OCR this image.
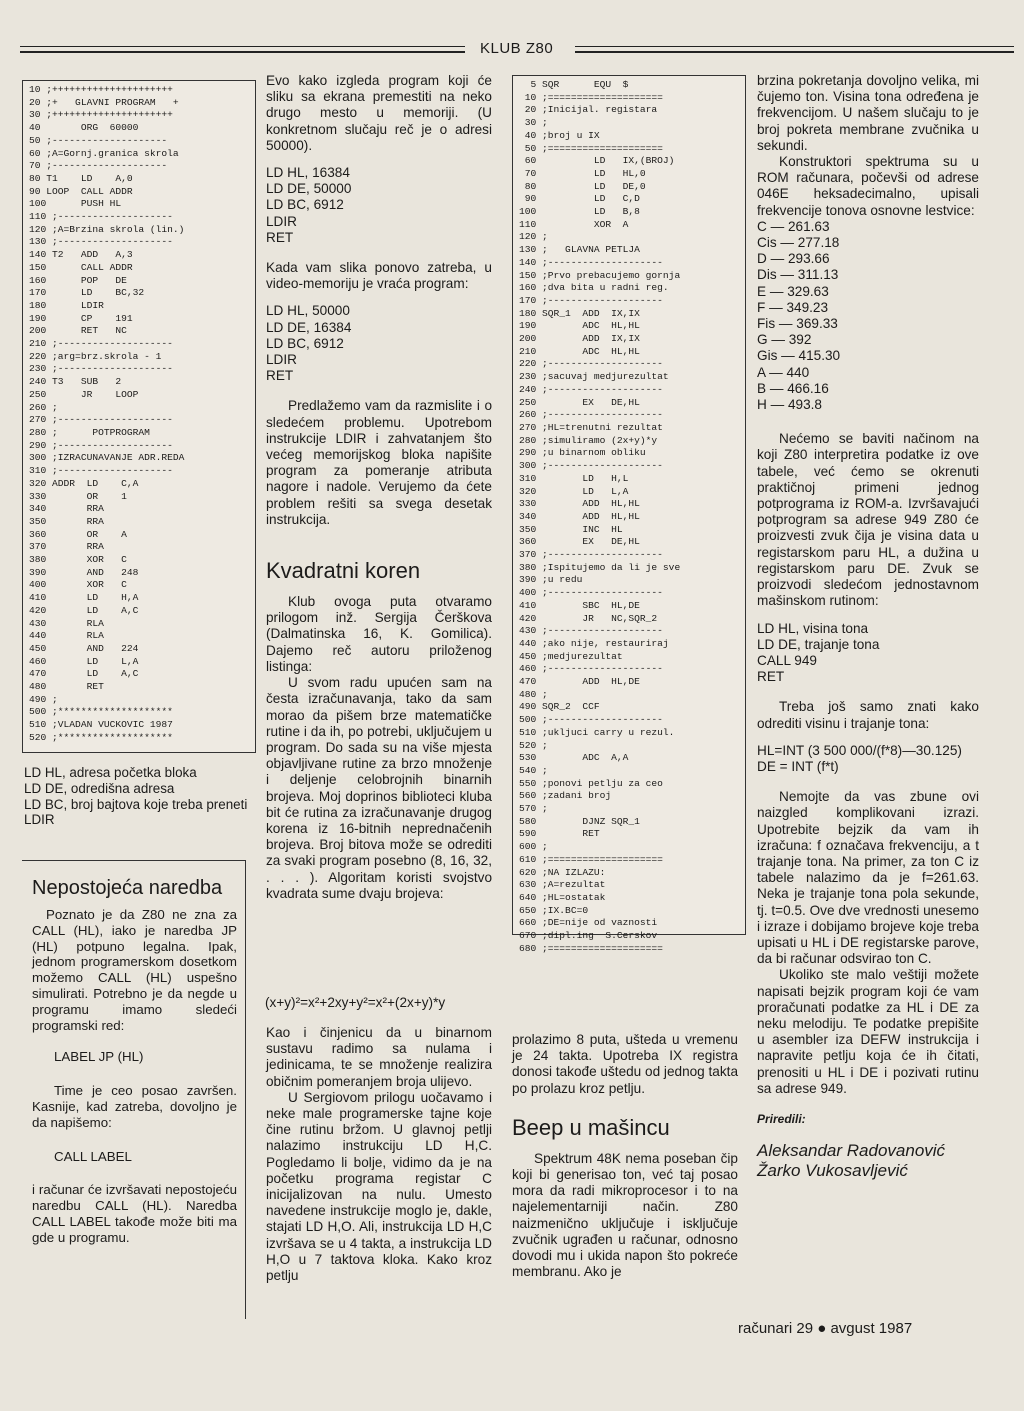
KLUB Z80
10 ;+++++++++++++++++++++
20 ;+   GLAVNI PROGRAM   +
30 ;+++++++++++++++++++++
40       ORG  60000
50 ;--------------------
60 ;A=Gornj.granica skrola
70 ;--------------------
80 T1    LD    A,0
90 LOOP  CALL ADDR
100      PUSH HL
110 ;--------------------
120 ;A=Brzina skrola (lin.)
130 ;--------------------
140 T2   ADD   A,3
150      CALL ADDR
160      POP   DE
170      LD    BC,32
180      LDIR
190      CP    191
200      RET   NC
210 ;--------------------
220 ;arg=brz.skrola - 1
230 ;--------------------
240 T3   SUB   2
250      JR    LOOP
260 ;
270 ;--------------------
280 ;      POTPROGRAM
290 ;--------------------
300 ;IZRACUNAVANJE ADR.REDA
310 ;--------------------
320 ADDR  LD    C,A
330       OR    1
340       RRA
350       RRA
360       OR    A
370       RRA
380       XOR   C
390       AND   248
400       XOR   C
410       LD    H,A
420       LD    A,C
430       RLA
440       RLA
450       AND   224
460       LD    L,A
470       LD    A,C
480       RET
490 ;
500 ;********************
510 ;VLADAN VUCKOVIC 1987
520 ;********************
LD HL, adresa početka bloka
LD DE, odredišna adresa
LD BC, broj bajtova koje treba preneti
LDIR
Nepostojeća naredba

Poznato je da Z80 ne zna za CALL (HL), iako je naredba JP (HL) potpuno legalna. Ipak, jednom programerskom dosetkom možemo CALL (HL) uspešno simulirati. Potrebno je da negde u programu imamo sledeći programski red:

LABEL JP (HL)

Time je ceo posao završen. Kasnije, kad zatreba, dovoljno je da napišemo:

CALL LABEL

i računar će izvršavati nepostojeću naredbu CALL (HL). Naredba CALL LABEL takođe može biti ma gde u programu.

Evo kako izgleda program koji će sliku sa ekrana premestiti na neko drugo mesto u memoriji. (U konkretnom slučaju reč je o adresi 50000).

LD HL, 16384
LD DE, 50000
LD BC, 6912
LDIR
RET

Kada vam slika ponovo zatreba, u video-memoriju je vraća program:

LD HL, 50000
LD DE, 16384
LD BC, 6912
LDIR
RET

Predlažemo vam da razmislite i o sledećem problemu. Upotrebom instrukcije LDIR i zahvatanjem što većeg memorijskog bloka napišite program za pomeranje atributa nagore i nadole. Verujemo da ćete problem rešiti sa svega desetak instrukcija.

Kvadratni koren

Klub ovoga puta otvaramo prilogom inž. Sergija Čerškova (Dalmatinska 16, K. Gomilica). Dajemo reč autoru priloženog listinga:

U svom radu upućen sam na česta izračunavanja, tako da sam morao da pišem brze matematičke rutine i da ih, po potrebi, uključujem u program. Do sada su na više mjesta objavljivane rutine za brzo množenje i deljenje celobrojnih binarnih brojeva. Moj doprinos biblioteci kluba bit će rutina za izračunavanje drugog korena iz 16-bitnih neprednačenih brojeva. Broj bitova može se odrediti za svaki program posebno (8, 16, 32, . . . ). Algoritam koristi svojstvo kvadrata sume dvaju brojeva:

(x+y)²=x²+2xy+y²=x²+(2x+y)*y

Kao i činjenicu da u binarnom sustavu radimo sa nulama i jedinicama, te se množenje realizira običnim pomeranjem broja ulijevo.

U Sergiovom prilogu uočavamo i neke male programerske tajne koje čine rutinu bržom. U glavnoj petlji nalazimo instrukciju LD H,C. Pogledamo li bolje, vidimo da je na početku programa registar C inicijalizovan na nulu. Umesto navedene instrukcije moglo je, dakle, stajati LD H,O. Ali, instrukcija LD H,C izvršava se u 4 takta, a instrukcija LD H,O u 7 taktova kloka. Kako kroz petlju

5 SQR      EQU  $
10 ;====================
20 ;Inicijal. registara
30 ;
40 ;broj u IX
50 ;====================
60          LD   IX,(BROJ)
70          LD   HL,0
80          LD   DE,0
90          LD   C,D
100          LD   B,8
110          XOR  A
120 ;
130 ;   GLAVNA PETLJA
140 ;--------------------
150 ;Prvo prebacujemo gornja
160 ;dva bita u radni reg.
170 ;--------------------
180 SQR_1  ADD  IX,IX
190        ADC  HL,HL
200        ADD  IX,IX
210        ADC  HL,HL
220 ;--------------------
230 ;sacuvaj medjurezultat
240 ;--------------------
250        EX   DE,HL
260 ;--------------------
270 ;HL=trenutni rezultat
280 ;simuliramo (2x+y)*y
290 ;u binarnom obliku
300 ;--------------------
310        LD   H,L
320        LD   L,A
330        ADD  HL,HL
340        ADD  HL,HL
350        INC  HL
360        EX   DE,HL
370 ;--------------------
380 ;Ispitujemo da li je sve
390 ;u redu
400 ;--------------------
410        SBC  HL,DE
420        JR   NC,SQR_2
430 ;--------------------
440 ;ako nije, restauriraj
450 ;medjurezultat
460 ;--------------------
470        ADD  HL,DE
480 ;
490 SQR_2  CCF
500 ;--------------------
510 ;ukljuci carry u rezul.
520 ;
530        ADC  A,A
540 ;
550 ;ponovi petlju za ceo
560 ;zadani broj
570 ;
580        DJNZ SQR_1
590        RET
600 ;
610 ;====================
620 ;NA IZLAZU:
630 ;A=rezultat
640 ;HL=ostatak
650 ;IX.BC=0
660 ;DE=nije od vaznosti
670 ;dipl.ing  S.Cerskov
680 ;====================

prolazimo 8 puta, ušteda u vremenu je 24 takta. Upotreba IX registra donosi takođe uštedu od jednog takta po prolazu kroz petlju.

Beep u mašincu

Spektrum 48K nema poseban čip koji bi generisao ton, već taj posao mora da radi mikroprocesor i to na najelementarniji način. Z80 naizmenično uključuje i isključuje zvučnik ugrađen u računar, odnosno dovodi mu i ukida napon što pokreće membranu. Ako je

brzina pokretanja dovoljno velika, mi čujemo ton. Visina tona određena je frekvencijom. U našem slučaju to je broj pokreta membrane zvučnika u sekundi.

Konstruktori spektruma su u ROM računara, počevši od adrese 046E heksadecimalno, upisali frekvencije tonova osnovne lestvice:

C — 261.63
Cis — 277.18
D — 293.66
Dis — 311.13
E — 329.63
F — 349.23
Fis — 369.33
G — 392
Gis — 415.30
A — 440
B — 466.16
H — 493.8

Nećemo se baviti načinom na koji Z80 interpretira podatke iz ove tabele, već ćemo se okrenuti praktičnoj primeni jednog potprograma iz ROM-a. Izvršavajući potprogram sa adrese 949 Z80 će proizvesti zvuk čija je visina data u registarskom paru HL, a dužina u registarskom paru DE. Zvuk se proizvodi sledećom jednostavnom mašinskom rutinom:

LD HL, visina tona
LD DE, trajanje tona
CALL 949
RET

Treba još samo znati kako odrediti visinu i trajanje tona:

HL=INT (3 500 000/(f*8)—30.125)
DE = INT (f*t)

Nemojte da vas zbune ovi naizgled komplikovani izrazi. Upotrebite bejzik da vam ih izračuna: f označava frekvenciju, a t trajanje tona. Na primer, za ton C iz tabele nalazimo da je f=261.63. Neka je trajanje tona pola sekunde, tj. t=0.5. Ove dve vrednosti unesemo i izraze i dobijamo brojeve koje treba upisati u HL i DE registarske parove, da bi računar odsvirao ton C.

Ukoliko ste malo veštiji možete napisati bejzik program koji će vam proračunati podatke za HL i DE za neku melodiju. Te podatke prepišite u asembler iza DEFW instrukcija i napravite petlju koja će ih čitati, prenositi u HL i DE i pozivati rutinu sa adrese 949.

Priredili:

Aleksandar Radovanović
Žarko Vukosavljević
računari 29 ● avgust 1987
